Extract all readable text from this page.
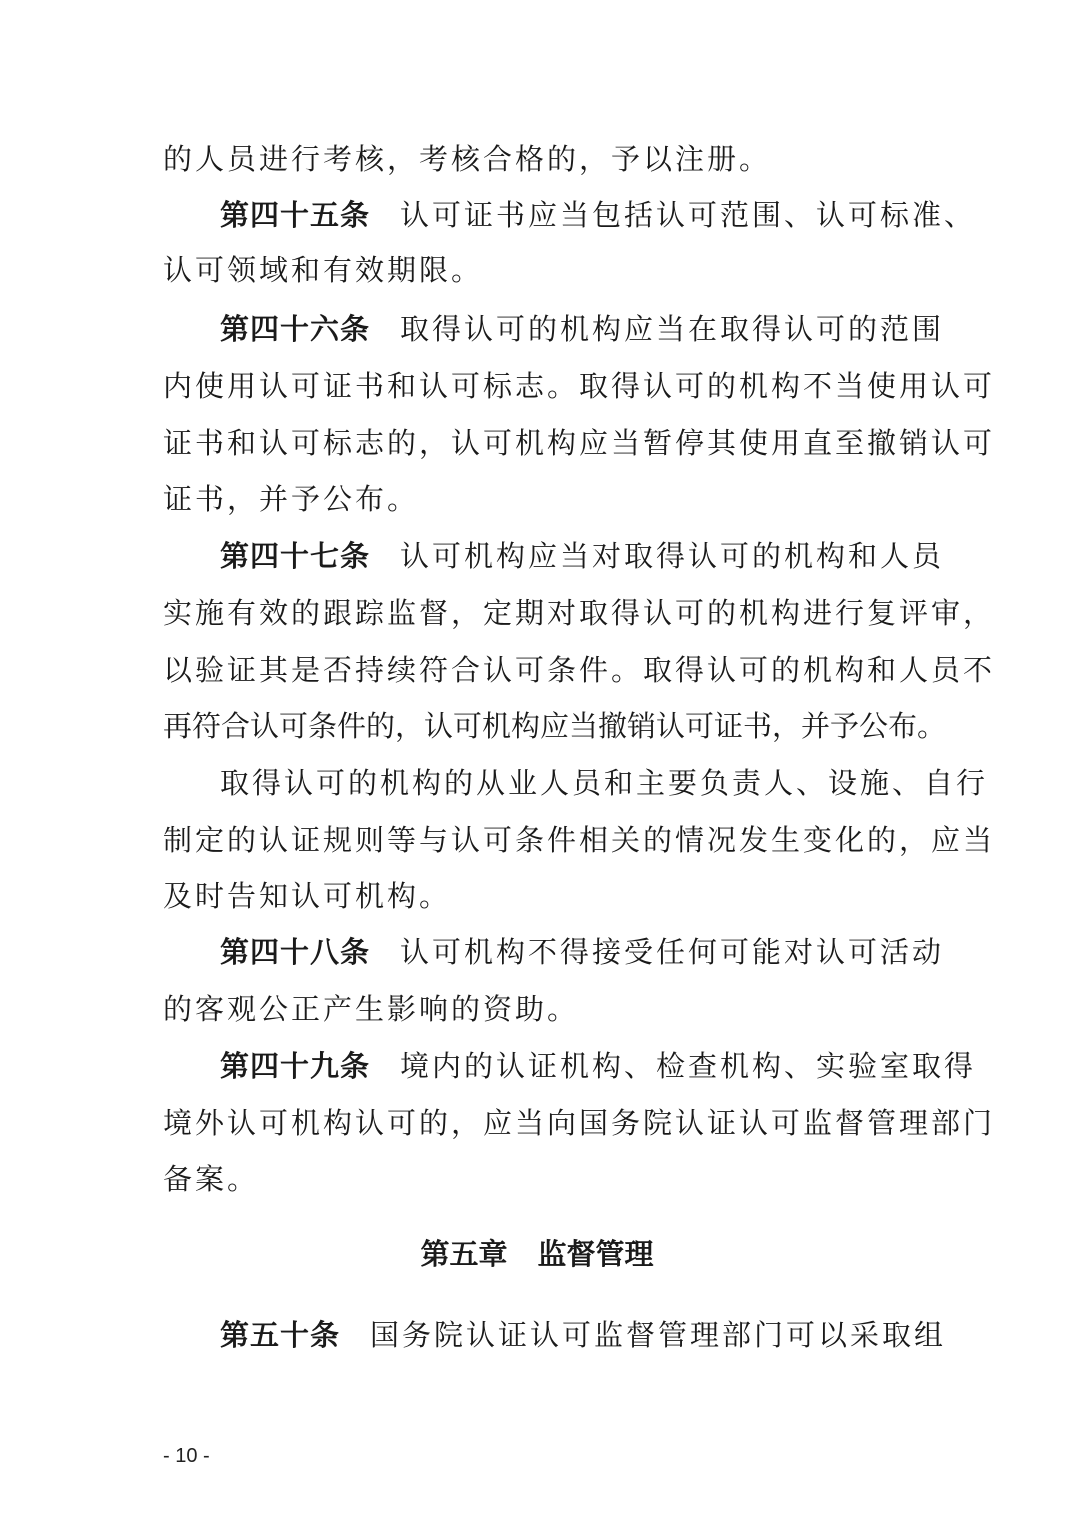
的人员进行考核，考核合格的，予以注册。
第四十五条 认可证书应当包括认可范围、认可标准、
认可领域和有效期限。
第四十六条 取得认可的机构应当在取得认可的范围
内使用认可证书和认可标志。取得认可的机构不当使用认可
证书和认可标志的，认可机构应当暂停其使用直至撤销认可
证书，并予公布。
第四十七条 认可机构应当对取得认可的机构和人员
实施有效的跟踪监督，定期对取得认可的机构进行复评审，
以验证其是否持续符合认可条件。取得认可的机构和人员不
再符合认可条件的，认可机构应当撤销认可证书，并予公布。
取得认可的机构的从业人员和主要负责人、设施、自行
制定的认证规则等与认可条件相关的情况发生变化的，应当
及时告知认可机构。
第四十八条 认可机构不得接受任何可能对认可活动
的客观公正产生影响的资助。
第四十九条 境内的认证机构、检查机构、实验室取得
境外认可机构认可的，应当向国务院认证认可监督管理部门
备案。
第五章 监督管理
第五十条 国务院认证认可监督管理部门可以采取组
- 10 -
